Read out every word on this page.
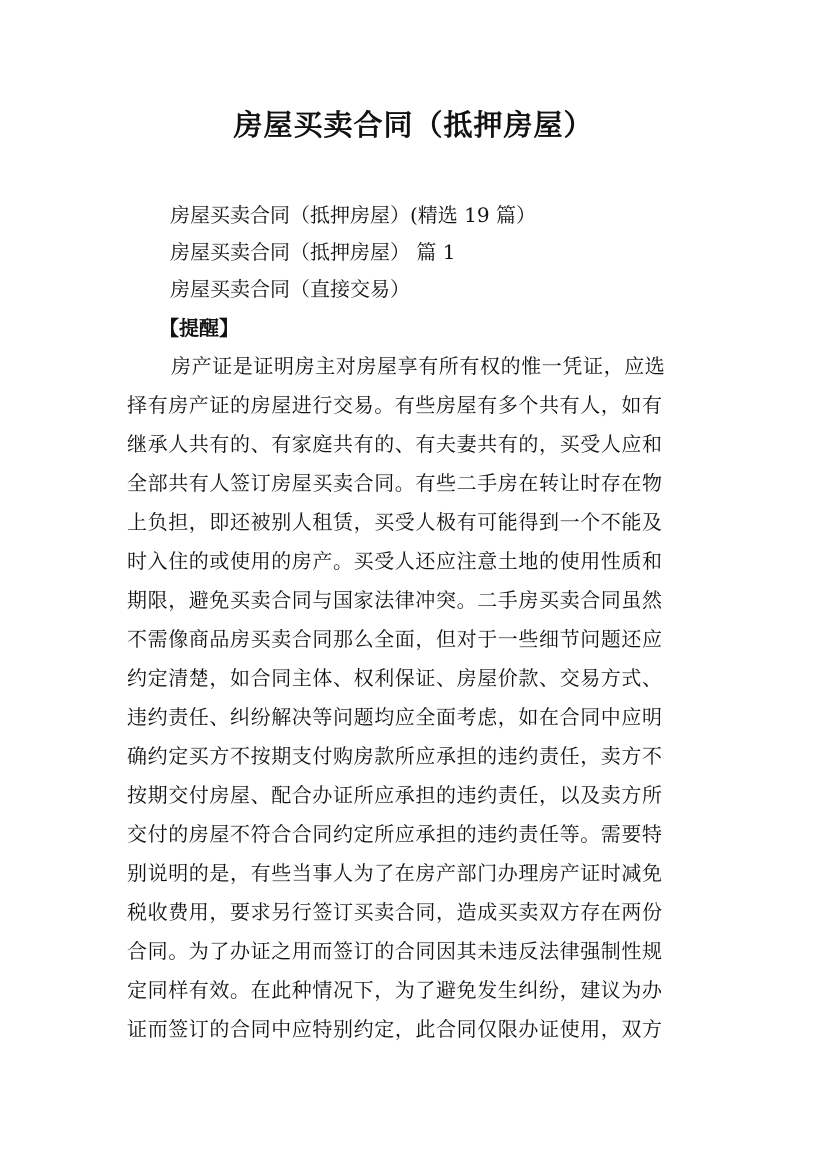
房屋买卖合同（抵押房屋）
房屋买卖合同（抵押房屋）(精选 19 篇）
房屋买卖合同（抵押房屋） 篇 1
房屋买卖合同（直接交易）
【提醒】
房产证是证明房主对房屋享有所有权的惟一凭证，应选
择有房产证的房屋进行交易。有些房屋有多个共有人，如有
继承人共有的、有家庭共有的、有夫妻共有的，买受人应和
全部共有人签订房屋买卖合同。有些二手房在转让时存在物
上负担，即还被别人租赁，买受人极有可能得到一个不能及
时入住的或使用的房产。买受人还应注意土地的使用性质和
期限，避免买卖合同与国家法律冲突。二手房买卖合同虽然
不需像商品房买卖合同那么全面，但对于一些细节问题还应
约定清楚，如合同主体、权利保证、房屋价款、交易方式、
违约责任、纠纷解决等问题均应全面考虑，如在合同中应明
确约定买方不按期支付购房款所应承担的违约责任，卖方不
按期交付房屋、配合办证所应承担的违约责任，以及卖方所
交付的房屋不符合合同约定所应承担的违约责任等。需要特
别说明的是，有些当事人为了在房产部门办理房产证时减免
税收费用，要求另行签订买卖合同，造成买卖双方存在两份
合同。为了办证之用而签订的合同因其未违反法律强制性规
定同样有效。在此种情况下，为了避免发生纠纷，建议为办
证而签订的合同中应特别约定，此合同仅限办证使用，双方
